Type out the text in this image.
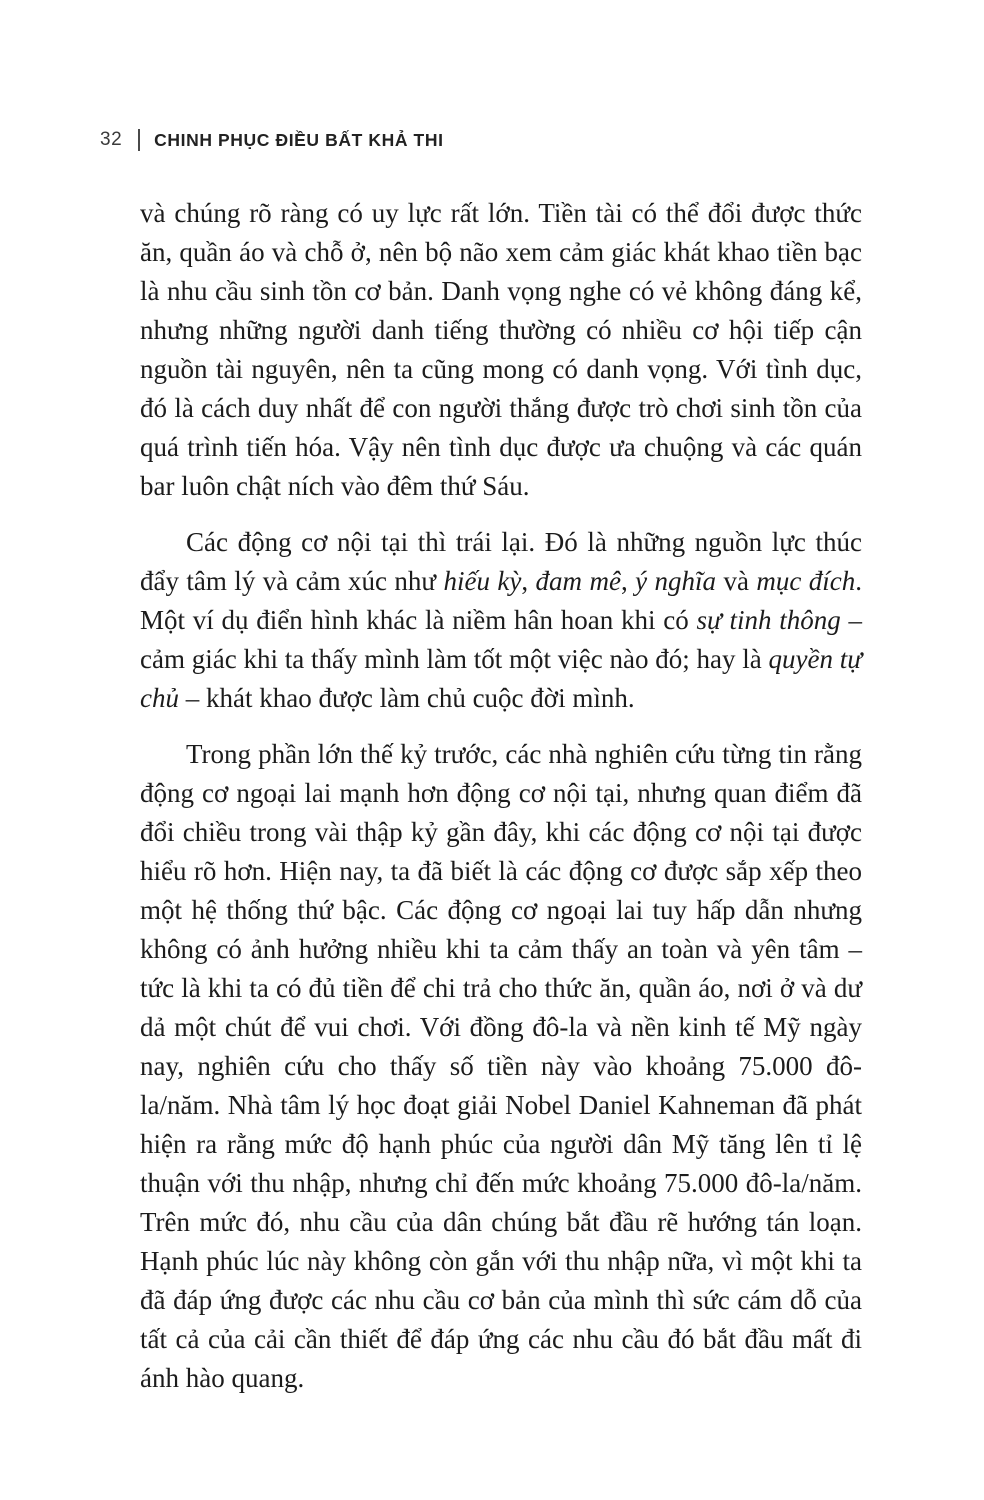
32 CHINH PHỤC ĐIỀU BẤT KHẢ THI

và chúng rõ ràng có uy lực rất lớn. Tiền tài có thể đổi được thức ăn, quần áo và chỗ ở, nên bộ não xem cảm giác khát khao tiền bạc là nhu cầu sinh tồn cơ bản. Danh vọng nghe có vẻ không đáng kể, nhưng những người danh tiếng thường có nhiều cơ hội tiếp cận nguồn tài nguyên, nên ta cũng mong có danh vọng. Với tình dục, đó là cách duy nhất để con người thắng được trò chơi sinh tồn của quá trình tiến hóa. Vậy nên tình dục được ưa chuộng và các quán bar luôn chật ních vào đêm thứ Sáu.

Các động cơ nội tại thì trái lại. Đó là những nguồn lực thúc đẩy tâm lý và cảm xúc như hiếu kỳ, đam mê, ý nghĩa và mục đích. Một ví dụ điển hình khác là niềm hân hoan khi có sự tinh thông – cảm giác khi ta thấy mình làm tốt một việc nào đó; hay là quyền tự chủ – khát khao được làm chủ cuộc đời mình.

Trong phần lớn thế kỷ trước, các nhà nghiên cứu từng tin rằng động cơ ngoại lai mạnh hơn động cơ nội tại, nhưng quan điểm đã đổi chiều trong vài thập kỷ gần đây, khi các động cơ nội tại được hiểu rõ hơn. Hiện nay, ta đã biết là các động cơ được sắp xếp theo một hệ thống thứ bậc. Các động cơ ngoại lai tuy hấp dẫn nhưng không có ảnh hưởng nhiều khi ta cảm thấy an toàn và yên tâm – tức là khi ta có đủ tiền để chi trả cho thức ăn, quần áo, nơi ở và dư dả một chút để vui chơi. Với đồng đô-la và nền kinh tế Mỹ ngày nay, nghiên cứu cho thấy số tiền này vào khoảng 75.000 đô-la/năm. Nhà tâm lý học đoạt giải Nobel Daniel Kahneman đã phát hiện ra rằng mức độ hạnh phúc của người dân Mỹ tăng lên tỉ lệ thuận với thu nhập, nhưng chỉ đến mức khoảng 75.000 đô-la/năm. Trên mức đó, nhu cầu của dân chúng bắt đầu rẽ hướng tán loạn. Hạnh phúc lúc này không còn gắn với thu nhập nữa, vì một khi ta đã đáp ứng được các nhu cầu cơ bản của mình thì sức cám dỗ của tất cả của cải cần thiết để đáp ứng các nhu cầu đó bắt đầu mất đi ánh hào quang.
